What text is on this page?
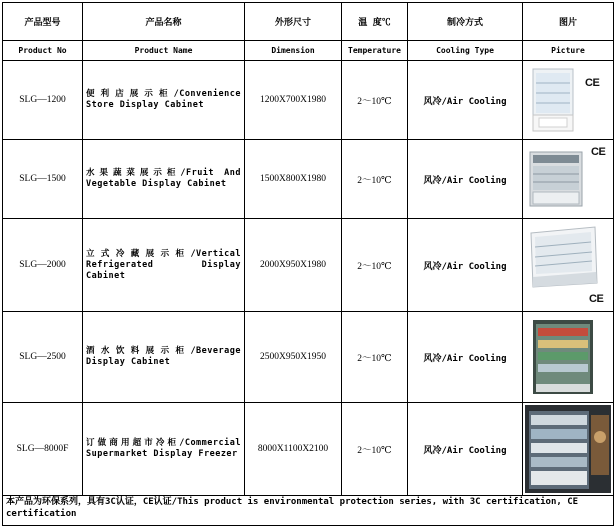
产品型号	产品名称	外形尺寸	温 度℃	制冷方式	图片
Product No	Product Name	Dimension	Temperature	Cooling Type	Picture
SLG—1200	便利店展示柜/Convenience Store Display Cabinet	1200X700X1980	2〜10℃	风冷/Air Cooling	CE

SLG—1500	水果蔬菜展示柜/Fruit And Vegetable Display Cabinet	1500X800X1980	2〜10℃	风冷/Air Cooling	CE

SLG—2000	立式冷藏展示柜/Vertical Refrigerated Display Cabinet	2000X950X1980	2〜10℃	风冷/Air Cooling	CE

SLG—2500	酒水饮料展示柜/Beverage Display Cabinet	2500X950X1950	2〜10℃	风冷/Air Cooling	

SLG—8000F	订做商用超市冷柜/Commercial Supermarket Display Freezer	8000X1100X2100	2〜10℃	风冷/Air Cooling	

本产品为环保系列，具有3C认证，CE认证/This product is environmental protection series, with 3C certification, CE certification					
